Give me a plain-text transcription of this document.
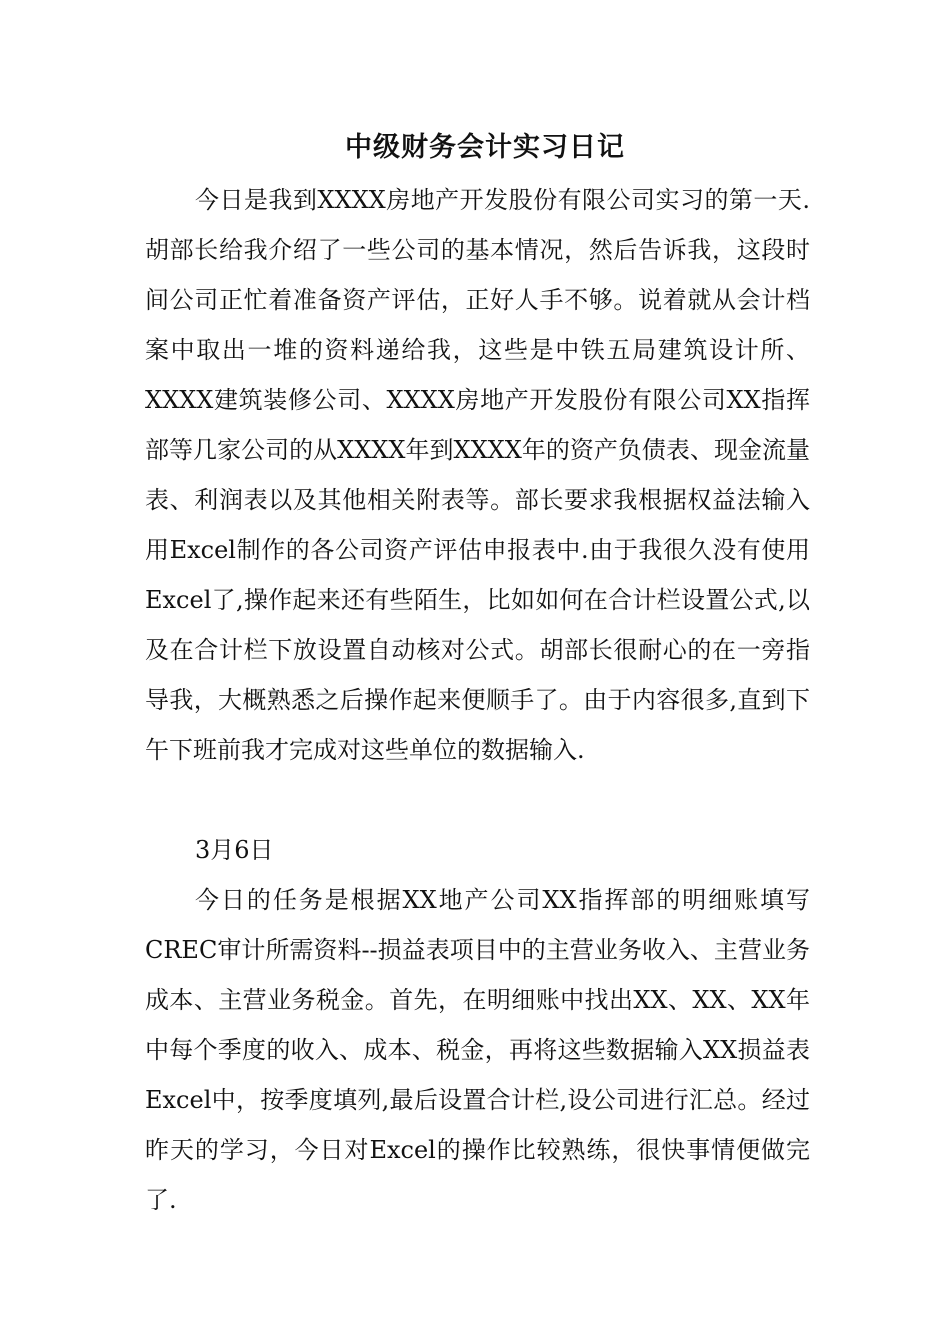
中级财务会计实习日记

今日是我到XXXX房地产开发股份有限公司实习的第一天.胡部长给我介绍了一些公司的基本情况，然后告诉我，这段时间公司正忙着准备资产评估，正好人手不够。说着就从会计档案中取出一堆的资料递给我，这些是中铁五局建筑设计所、XXXX建筑装修公司、XXXX房地产开发股份有限公司XX指挥部等几家公司的从XXXX年到XXXX年的资产负债表、现金流量表、利润表以及其他相关附表等。部长要求我根据权益法输入用Excel制作的各公司资产评估申报表中.由于我很久没有使用Excel了,操作起来还有些陌生，比如如何在合计栏设置公式,以及在合计栏下放设置自动核对公式。胡部长很耐心的在一旁指导我，大概熟悉之后操作起来便顺手了。由于内容很多,直到下午下班前我才完成对这些单位的数据输入.

3月6日

今日的任务是根据XX地产公司XX指挥部的明细账填写CREC审计所需资料--损益表项目中的主营业务收入、主营业务成本、主营业务税金。首先，在明细账中找出XX、XX、XX年中每个季度的收入、成本、税金，再将这些数据输入XX损益表Excel中，按季度填列,最后设置合计栏,设公司进行汇总。经过昨天的学习，今日对Excel的操作比较熟练，很快事情便做完了.
